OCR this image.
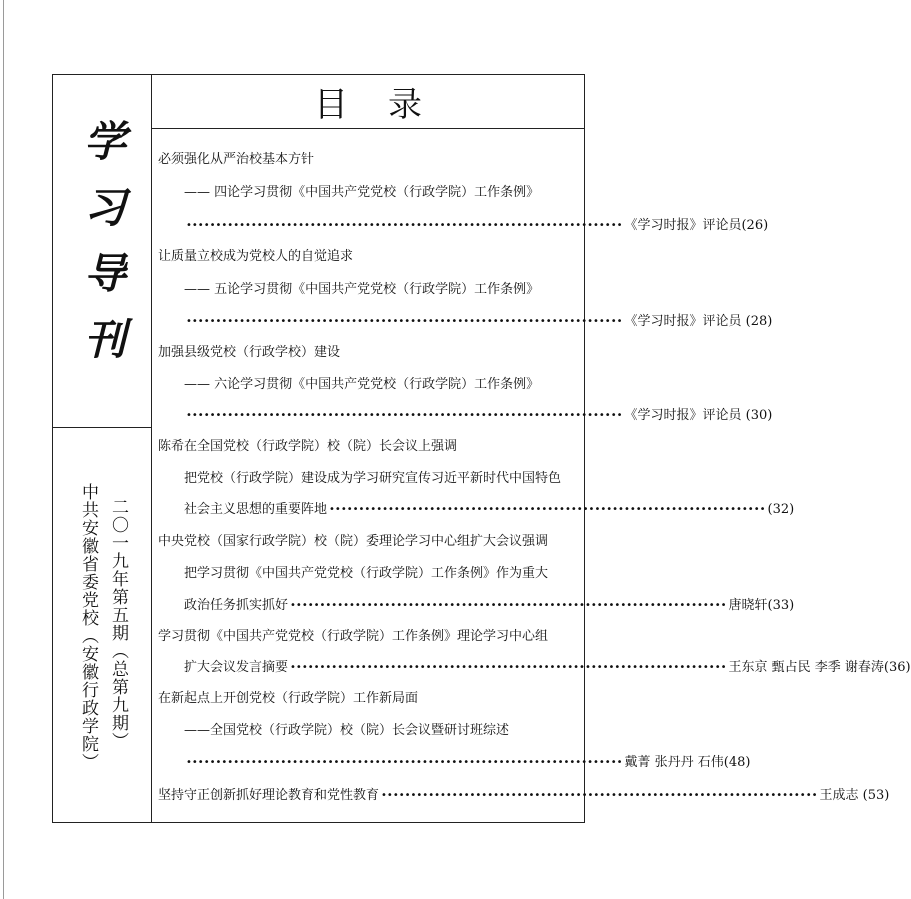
学习导刊
二〇一九年第五期（总第九期）
中共安徽省委党校（安徽行政学院）
目录
必须强化从严治校基本方针
—— 四论学习贯彻《中国共产党党校（行政学院）工作条例》
•••••••••••••••••••••••••••••••••••••••••••••••••••••••••••••••••••••••••• 《学习时报》评论员(26)
让质量立校成为党校人的自觉追求
—— 五论学习贯彻《中国共产党党校（行政学院）工作条例》
•••••••••••••••••••••••••••••••••••••••••••••••••••••••••••••••••••••••••• 《学习时报》评论员 (28)
加强县级党校（行政学校）建设
—— 六论学习贯彻《中国共产党党校（行政学院）工作条例》
•••••••••••••••••••••••••••••••••••••••••••••••••••••••••••••••••••••••••• 《学习时报》评论员 (30)
陈希在全国党校（行政学院）校（院）长会议上强调
把党校（行政学院）建设成为学习研究宣传习近平新时代中国特色
社会主义思想的重要阵地 •••••••••••••••••••••••••••••••••••••••••••••••••••••••••••••••••••••••••• (32)
中央党校（国家行政学院）校（院）委理论学习中心组扩大会议强调
把学习贯彻《中国共产党党校（行政学院）工作条例》作为重大
政治任务抓实抓好 •••••••••••••••••••••••••••••••••••••••••••••••••••••••••••••••••••••••••• 唐晓轩(33)
学习贯彻《中国共产党党校（行政学院）工作条例》理论学习中心组
扩大会议发言摘要 •••••••••••••••••••••••••••••••••••••••••••••••••••••••••••••••••••••••••• 王东京 甄占民 李季 谢春涛(36)
在新起点上开创党校（行政学院）工作新局面
——全国党校（行政学院）校（院）长会议暨研讨班综述
•••••••••••••••••••••••••••••••••••••••••••••••••••••••••••••••••••••••••• 戴菁 张丹丹 石伟(48)
坚持守正创新抓好理论教育和党性教育 •••••••••••••••••••••••••••••••••••••••••••••••••••••••••••••••••••••••••• 王成志 (53)
